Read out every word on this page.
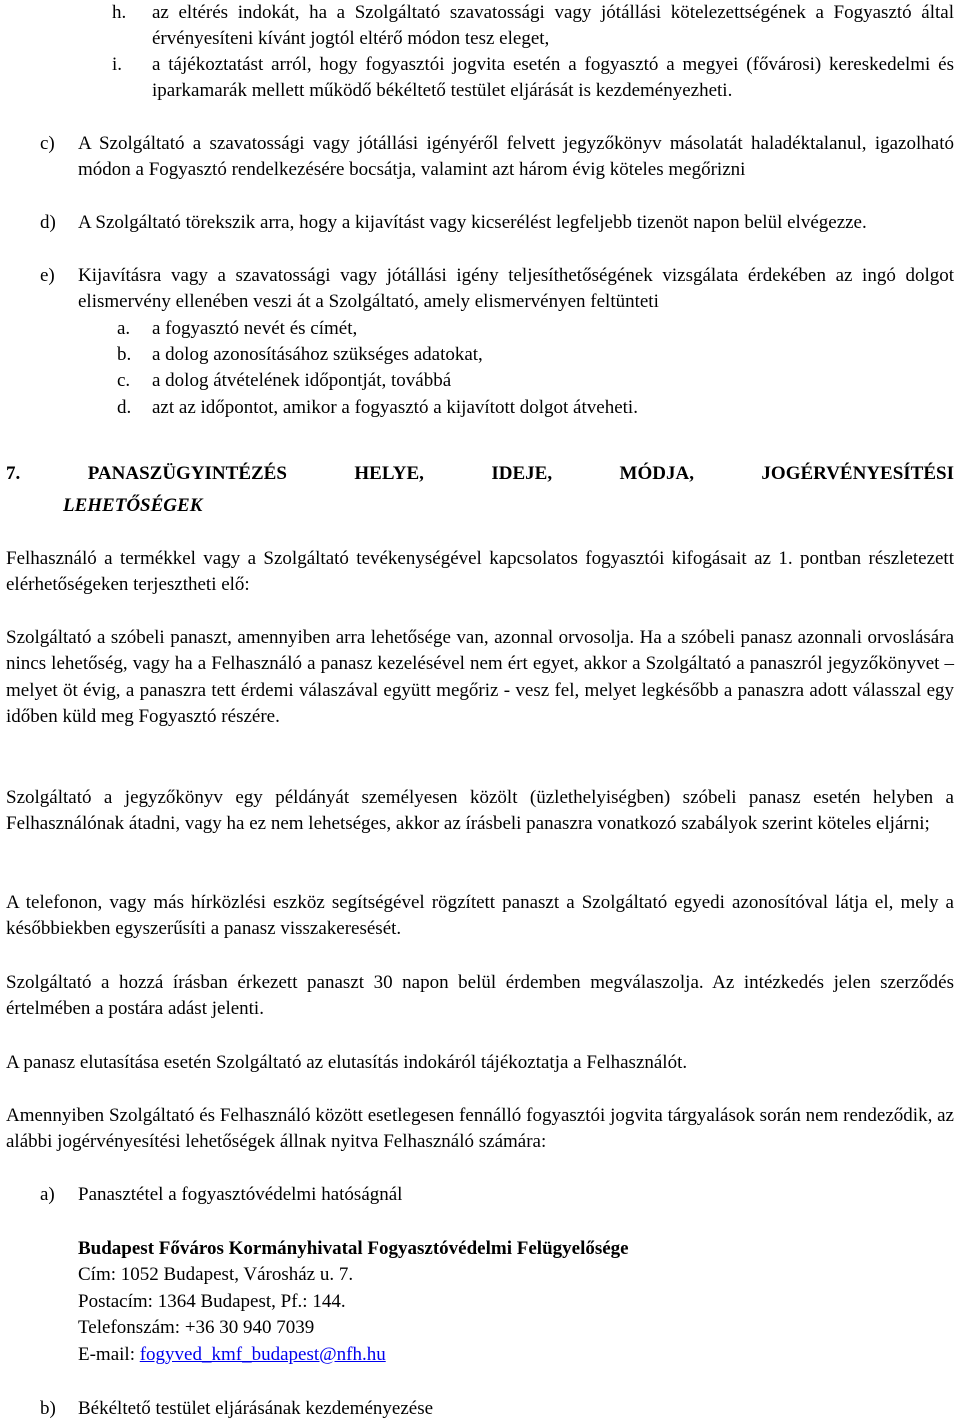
h. az eltérés indokát, ha a Szolgáltató szavatossági vagy jótállási kötelezettségének a Fogyasztó által érvényesíteni kívánt jogtól eltérő módon tesz eleget,
i. a tájékoztatást arról, hogy fogyasztói jogvita esetén a fogyasztó a megyei (fővárosi) kereskedelmi és iparkamarák mellett működő békéltető testület eljárását is kezdeményezheti.
c) A Szolgáltató a szavatossági vagy jótállási igényéről felvett jegyzőkönyv másolatát haladéktalanul, igazolható módon a Fogyasztó rendelkezésére bocsátja, valamint azt három évig köteles megőrizni
d) A Szolgáltató törekszik arra, hogy a kijavítást vagy kicserélést legfeljebb tizenöt napon belül elvégezze.
e) Kijavításra vagy a szavatossági vagy jótállási igény teljesíthetőségének vizsgálata érdekében az ingó dolgot elismervény ellenében veszi át a Szolgáltató, amely elismervényen feltünteti
a. a fogyasztó nevét és címét,
b. a dolog azonosításához szükséges adatokat,
c. a dolog átvételének időpontját, továbbá
d. azt az időpontot, amikor a fogyasztó a kijavított dolgot átveheti.

7. PANASZÜGYINTÉZÉS HELYE, IDEJE, MÓDJA, JOGÉRVÉNYESÍTÉSI

LEHETŐSÉGEK

Felhasználó a termékkel vagy a Szolgáltató tevékenységével kapcsolatos fogyasztói kifogásait az 1. pontban részletezett elérhetőségeken terjesztheti elő:

Szolgáltató a szóbeli panaszt, amennyiben arra lehetősége van, azonnal orvosolja. Ha a szóbeli panasz azonnali orvoslására nincs lehetőség, vagy ha a Felhasználó a panasz kezelésével nem ért egyet, akkor a Szolgáltató a panaszról jegyzőkönyvet – melyet öt évig, a panaszra tett érdemi válaszával együtt megőriz - vesz fel, melyet legkésőbb a panaszra adott válasszal egy időben küld meg Fogyasztó részére.

Szolgáltató a jegyzőkönyv egy példányát személyesen közölt (üzlethelyiségben) szóbeli panasz esetén helyben a Felhasználónak átadni, vagy ha ez nem lehetséges, akkor az írásbeli panaszra vonatkozó szabályok szerint köteles eljárni;

A telefonon, vagy más hírközlési eszköz segítségével rögzített panaszt a Szolgáltató egyedi azonosítóval látja el, mely a későbbiekben egyszerűsíti a panasz visszakeresését.

Szolgáltató a hozzá írásban érkezett panaszt 30 napon belül érdemben megválaszolja. Az intézkedés jelen szerződés értelmében a postára adást jelenti.

A panasz elutasítása esetén Szolgáltató az elutasítás indokáról tájékoztatja a Felhasználót.

Amennyiben Szolgáltató és Felhasználó között esetlegesen fennálló fogyasztói jogvita tárgyalások során nem rendeződik, az alábbi jogérvényesítési lehetőségek állnak nyitva Felhasználó számára:

a) Panasztétel a fogyasztóvédelmi hatóságnál

Budapest Főváros Kormányhivatal Fogyasztóvédelmi Felügyelősége

Cím: 1052 Budapest, Városház u. 7.

Postacím: 1364 Budapest, Pf.: 144.

Telefonszám: +36 30 940 7039

E-mail: fogyved_kmf_budapest@nfh.hu

b) Békéltető testület eljárásának kezdeményezése
